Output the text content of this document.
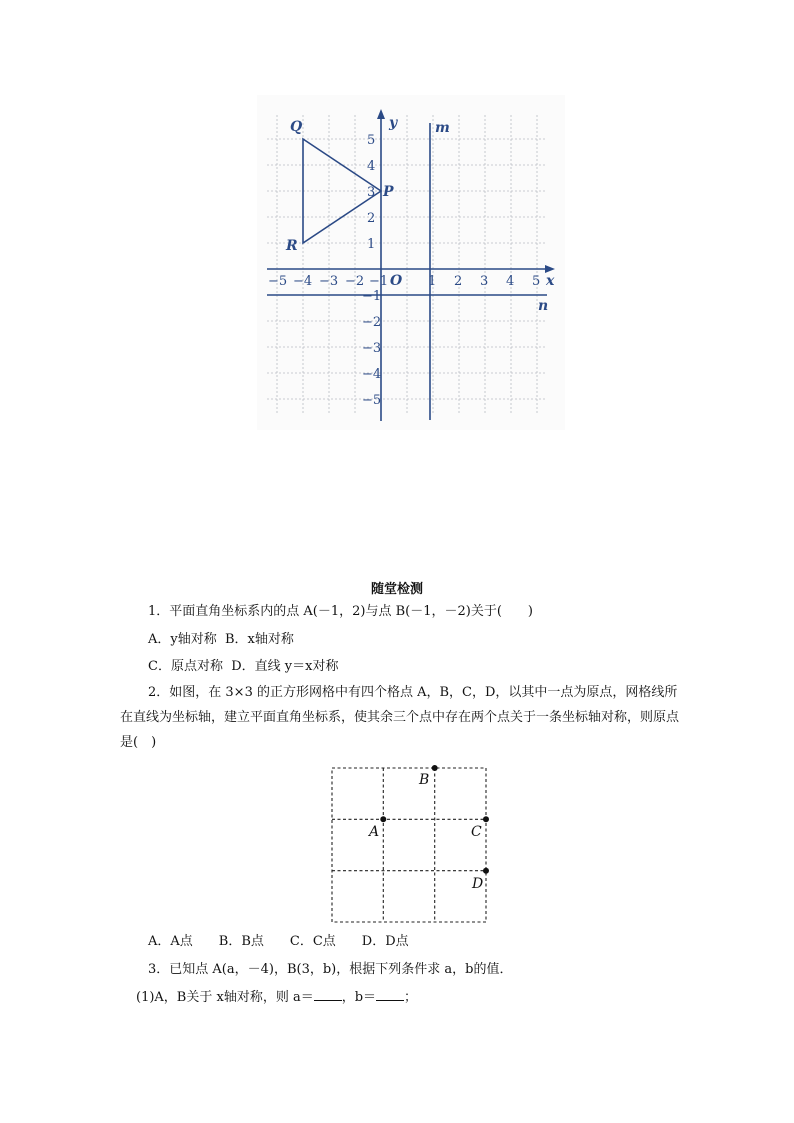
−5 −4 −3 −2 −1	1 2 3 4 5
1
2
3
4
5
−1
−2
−3
−4
−5
x
y
O
m
n
Q
P
R
随堂检测
1．平面直角坐标系内的点 A(－1，2)与点 B(－1，－2)关于(　　)
A．y轴对称 B．x轴对称
C．原点对称 D．直线 y＝x对称
2．如图，在 3×3 的正方形网格中有四个格点 A，B，C，D，以其中一点为原点，网格线所在直线为坐标轴，建立平面直角坐标系，使其余三个点中存在两个点关于一条坐标轴对称，则原点是(　)
A
B
C
D
A．A点　　B．B点　　C．C点　　D．D点
3．已知点 A(a，－4)，B(3，b)，根据下列条件求 a，b的值．
(1)A，B关于 x轴对称，则 a＝ ，b＝ ；
